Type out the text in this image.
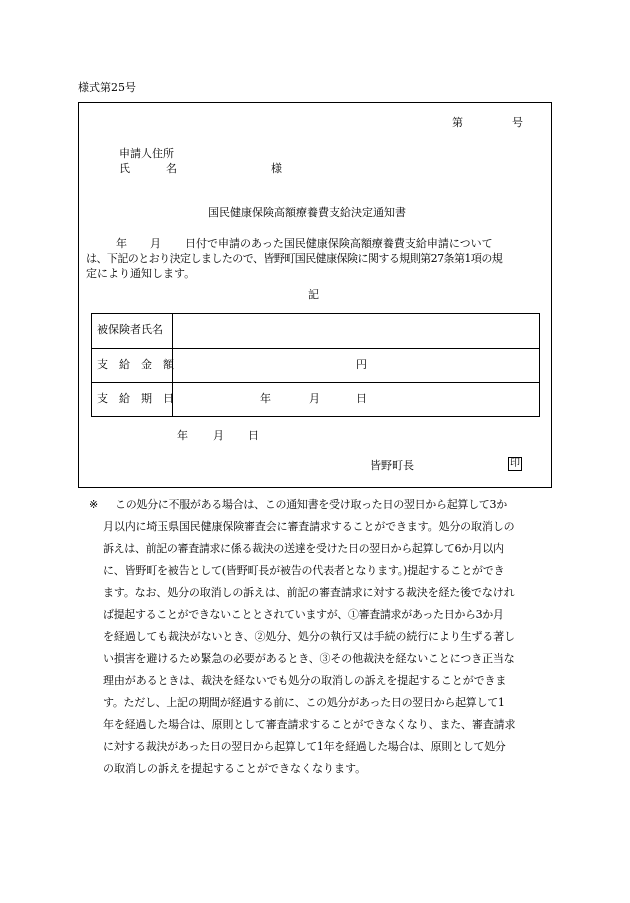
様式第25号
第	号
申請人住所
氏	名	様
国民健康保険高額療養費支給決定通知書
年 月 日付で申請のあった国民健康保険高額療養費支給申請について
は、下記のとおり決定しましたので、皆野町国民健康保険に関する規則第27条第1項の規
定により通知します。
記
被保険者氏名
支　給　金　額	円
支　給　期　日	年	月	日
年 月 日
皆野町長	印
※	この処分に不服がある場合は、この通知書を受け取った日の翌日から起算して3か
月以内に埼玉県国民健康保険審査会に審査請求することができます。処分の取消しの
訴えは、前記の審査請求に係る裁決の送達を受けた日の翌日から起算して6か月以内
に、皆野町を被告として(皆野町長が被告の代表者となります。)提起することができ
ます。なお、処分の取消しの訴えは、前記の審査請求に対する裁決を経た後でなけれ
ば提起することができないこととされていますが、①審査請求があった日から3か月
を経過しても裁決がないとき、②処分、処分の執行又は手続の続行により生ずる著し
い損害を避けるため緊急の必要があるとき、③その他裁決を経ないことにつき正当な
理由があるときは、裁決を経ないでも処分の取消しの訴えを提起することができま
す。ただし、上記の期間が経過する前に、この処分があった日の翌日から起算して1
年を経過した場合は、原則として審査請求することができなくなり、また、審査請求
に対する裁決があった日の翌日から起算して1年を経過した場合は、原則として処分
の取消しの訴えを提起することができなくなります。
